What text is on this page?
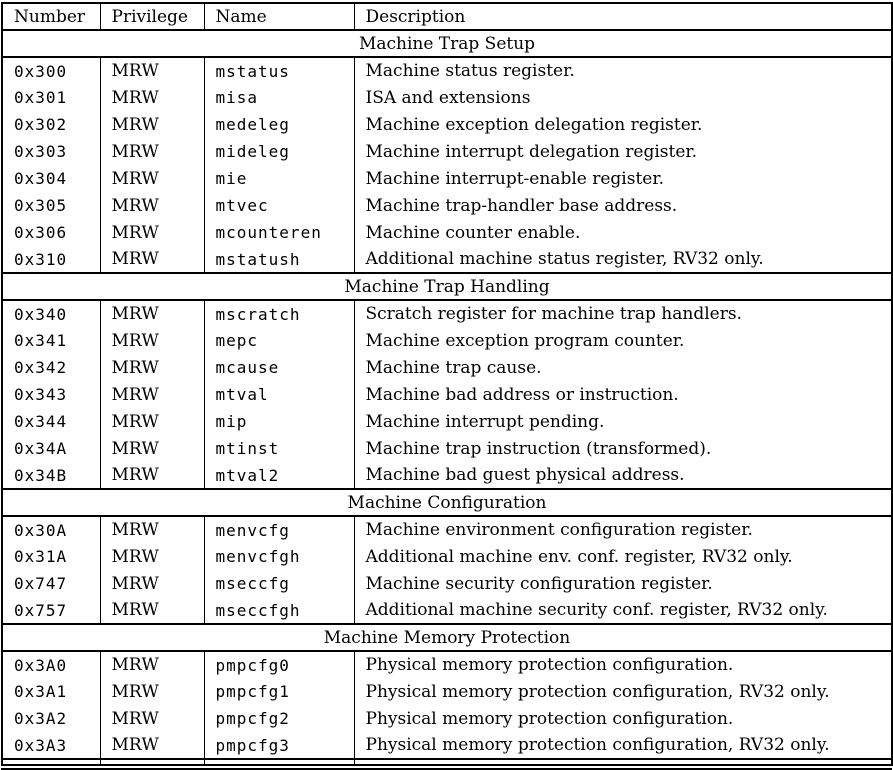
Number	Privilege	Name	Description
Machine Trap Setup			
0x300	MRW	mstatus	Machine status register.
0x301	MRW	misa	ISA and extensions
0x302	MRW	medeleg	Machine exception delegation register.
0x303	MRW	mideleg	Machine interrupt delegation register.
0x304	MRW	mie	Machine interrupt-enable register.
0x305	MRW	mtvec	Machine trap-handler base address.
0x306	MRW	mcounteren	Machine counter enable.
0x310	MRW	mstatush	Additional machine status register, RV32 only.
Machine Trap Handling			
0x340	MRW	mscratch	Scratch register for machine trap handlers.
0x341	MRW	mepc	Machine exception program counter.
0x342	MRW	mcause	Machine trap cause.
0x343	MRW	mtval	Machine bad address or instruction.
0x344	MRW	mip	Machine interrupt pending.
0x34A	MRW	mtinst	Machine trap instruction (transformed).
0x34B	MRW	mtval2	Machine bad guest physical address.
Machine Configuration			
0x30A	MRW	menvcfg	Machine environment configuration register.
0x31A	MRW	menvcfgh	Additional machine env. conf. register, RV32 only.
0x747	MRW	mseccfg	Machine security configuration register.
0x757	MRW	mseccfgh	Additional machine security conf. register, RV32 only.
Machine Memory Protection			
0x3A0	MRW	pmpcfg0	Physical memory protection configuration.
0x3A1	MRW	pmpcfg1	Physical memory protection configuration, RV32 only.
0x3A2	MRW	pmpcfg2	Physical memory protection configuration.
0x3A3	MRW	pmpcfg3	Physical memory protection configuration, RV32 only.
